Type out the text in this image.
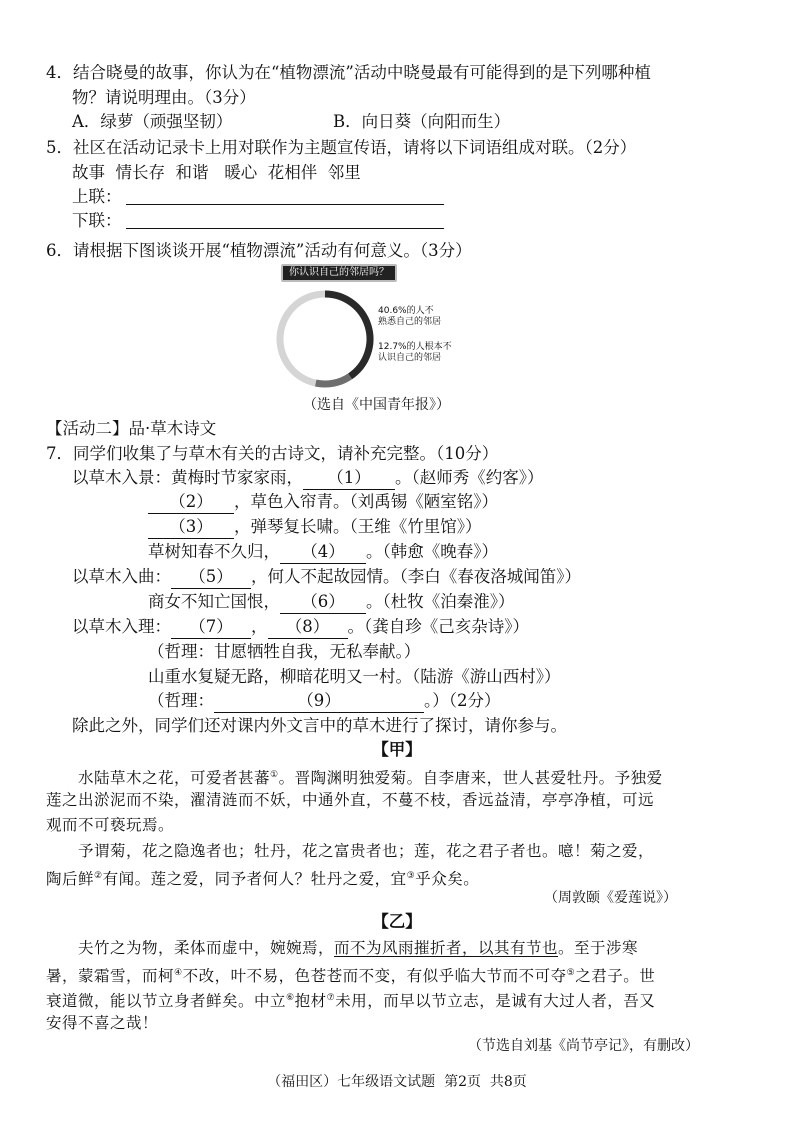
4．结合晓曼的故事，你认为在“植物漂流”活动中晓曼最有可能得到的是下列哪种植
物？请说明理由。（3分）
A．绿萝（顽强坚韧）	B．向日葵（向阳而生）
5．社区在活动记录卡上用对联作为主题宣传语，请将以下词语组成对联。（2分）
故事  情长存  和谐   暖心  花相伴  邻里
上联：
下联：
6．请根据下图谈谈开展“植物漂流”活动有何意义。（3分）
你认识自己的邻居吗？
40.6%的人不
熟悉自己的邻居
12.7%的人根本不
认识自己的邻居
（选自《中国青年报》）
【活动二】品·草木诗文
7．同学们收集了与草木有关的古诗文，请补充完整。（10分）
以草木入景：黄梅时节家家雨， （1） 。（赵师秀《约客》）
（2） ，草色入帘青。（刘禹锡《陋室铭》）
（3） ，弹琴复长啸。（王维《竹里馆》）
草树知春不久归， （4） 。（韩愈《晚春》）
以草木入曲： （5） ，何人不起故园情。（李白《春夜洛城闻笛》）
商女不知亡国恨， （6） 。（杜牧《泊秦淮》）
以草木入理： （7） ， （8） 。（龚自珍《己亥杂诗》）
（哲理：甘愿牺牲自我，无私奉献。）
山重水复疑无路，柳暗花明又一村。（陆游《游山西村》）
（哲理：	（9）	。）（2分）
除此之外，同学们还对课内外文言中的草木进行了探讨，请你参与。
【甲】
水陆草木之花，可爱者甚蕃①。晋陶渊明独爱菊。自李唐来，世人甚爱牡丹。予独爱
莲之出淤泥而不染，濯清涟而不妖，中通外直，不蔓不枝，香远益清，亭亭净植，可远
观而不可亵玩焉。
予谓菊，花之隐逸者也；牡丹，花之富贵者也；莲，花之君子者也。噫！菊之爱，
陶后鲜②有闻。莲之爱，同予者何人？牡丹之爱，宜③乎众矣。
（周敦颐《爱莲说》）
【乙】
夫竹之为物，柔体而虚中，婉婉焉，而不为风雨摧折者，以其有节也。至于涉寒
暑，蒙霜雪，而柯④不改，叶不易，色苍苍而不变，有似乎临大节而不可夺⑤之君子。世
衰道微，能以节立身者鲜矣。中立⑥抱材⑦未用，而早以节立志，是诚有大过人者，吾又
安得不喜之哉！
（节选自刘基《尚节亭记》，有删改）
（福田区）七年级语文试题  第2页  共8页
